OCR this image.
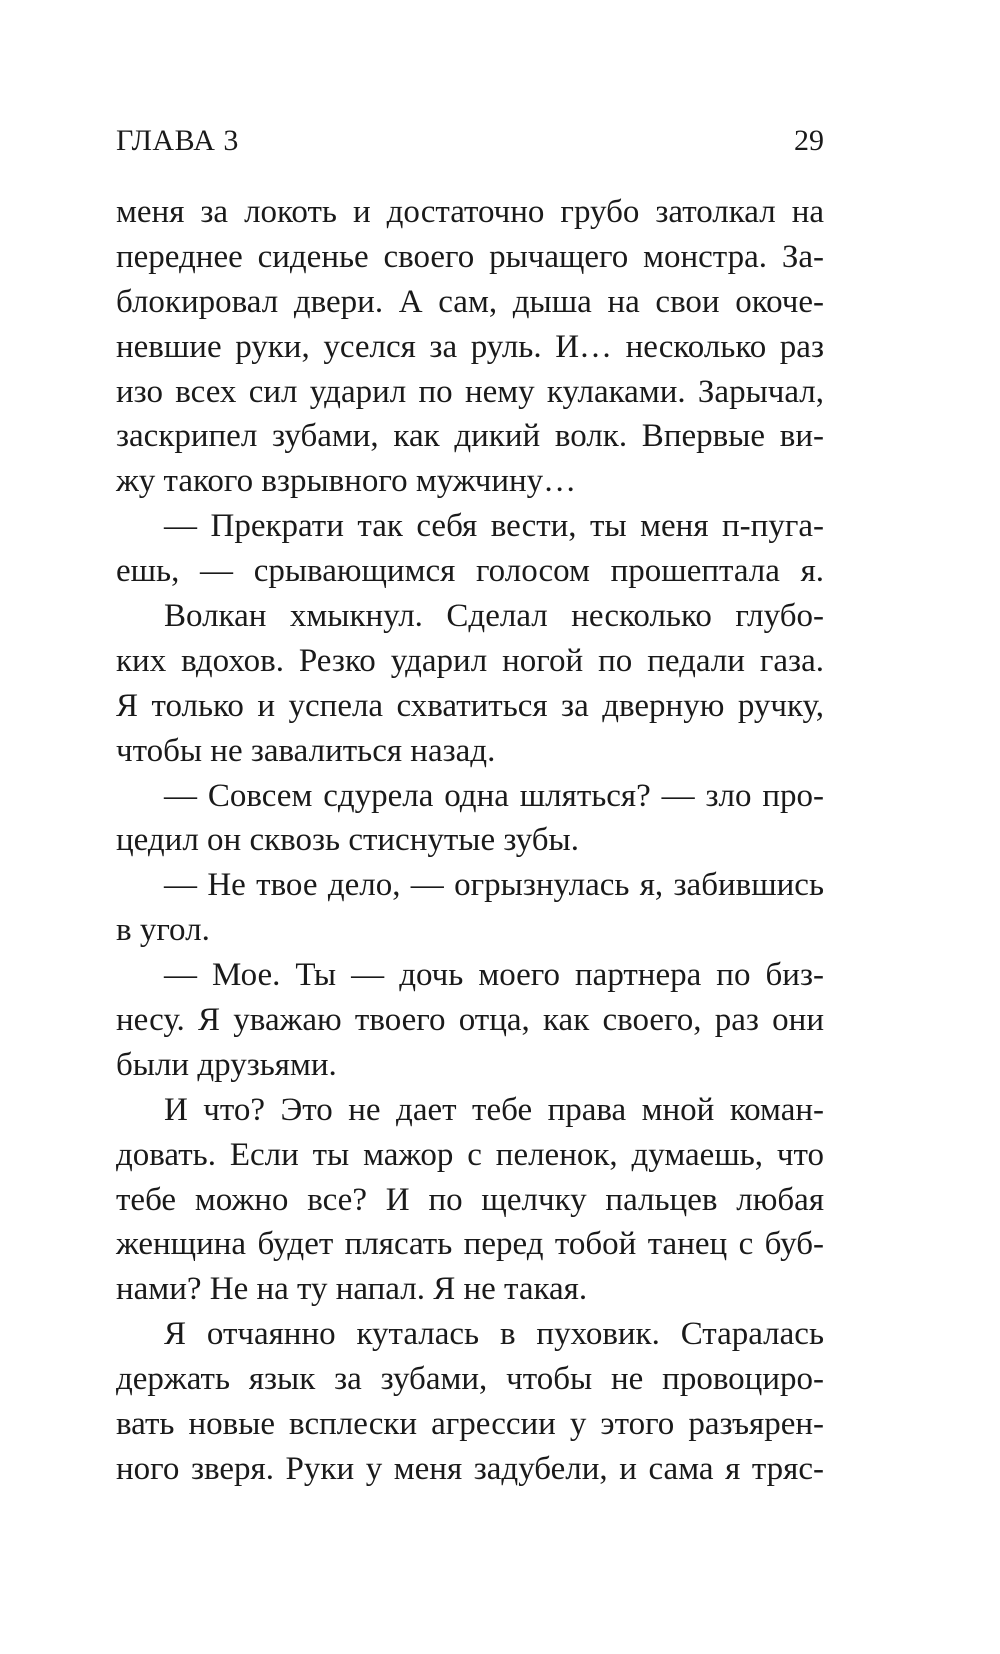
ГЛАВА 3	29
меня за локоть и достаточно грубо затолкал на
переднее сиденье своего рычащего монстра. За-
блокировал двери. А сам, дыша на свои окоче-
невшие руки, уселся за руль. И… несколько раз
изо всех сил ударил по нему кулаками. Зарычал,
заскрипел зубами, как дикий волк. Впервые ви-
жу такого взрывного мужчину…
— Прекрати так себя вести, ты меня п-пуга-
ешь, — срывающимся голосом прошептала я.
Волкан хмыкнул. Сделал несколько глубо-
ких вдохов. Резко ударил ногой по педали газа.
Я только и успела схватиться за дверную ручку,
чтобы не завалиться назад.
— Совсем сдурела одна шляться? — зло про-
цедил он сквозь стиснутые зубы.
— Не твое дело, — огрызнулась я, забившись
в угол.
— Мое. Ты — дочь моего партнера по биз-
несу. Я уважаю твоего отца, как своего, раз они
были друзьями.
И что? Это не дает тебе права мной коман-
довать. Если ты мажор с пеленок, думаешь, что
тебе можно все? И по щелчку пальцев любая
женщина будет плясать перед тобой танец с буб-
нами? Не на ту напал. Я не такая.
Я отчаянно куталась в пуховик. Старалась
держать язык за зубами, чтобы не провоциро-
вать новые всплески агрессии у этого разъярен-
ного зверя. Руки у меня задубели, и сама я тряс-
